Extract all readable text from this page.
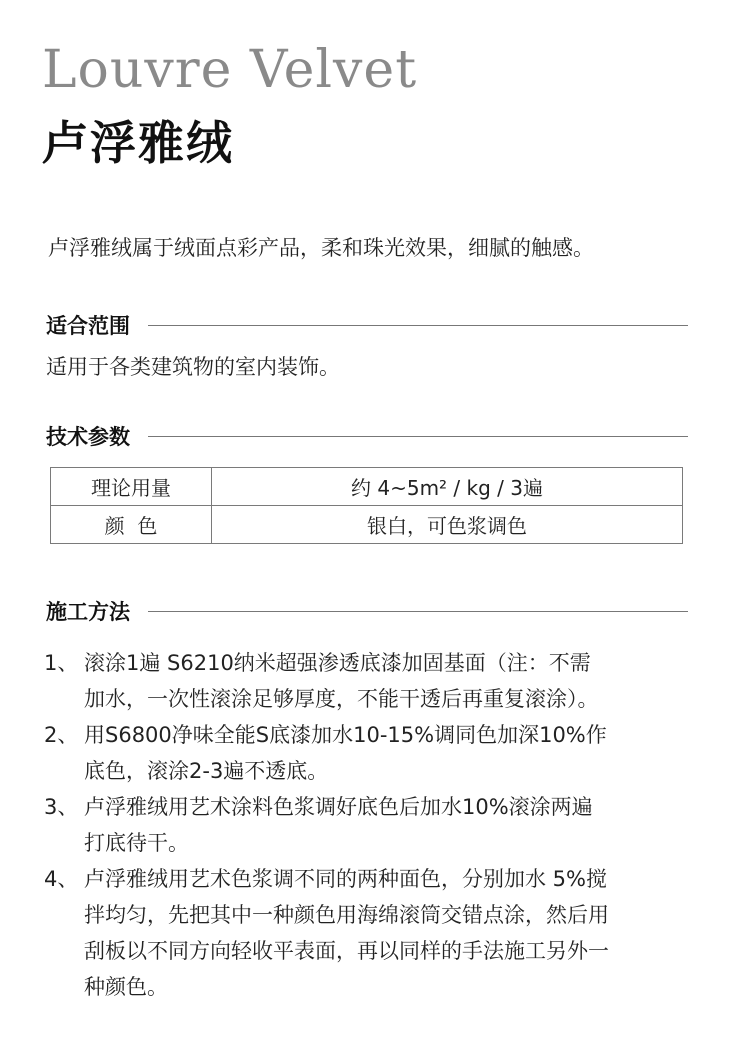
Louvre Velvet
卢浮雅绒
卢浮雅绒属于绒面点彩产品，柔和珠光效果，细腻的触感。
适合范围
适用于各类建筑物的室内装饰。
技术参数
理论用量	约 4~5m² / kg / 3遍
颜  色	银白，可色浆调色
施工方法
1、 滚涂1遍 S6210纳米超强渗透底漆加固基面（注：不需
加水，一次性滚涂足够厚度，不能干透后再重复滚涂）。
2、 用S6800净味全能S底漆加水10-15%调同色加深10%作
底色，滚涂2-3遍不透底。
3、 卢浮雅绒用艺术涂料色浆调好底色后加水10%滚涂两遍
打底待干。
4、 卢浮雅绒用艺术色浆调不同的两种面色，分别加水 5%搅
拌均匀，先把其中一种颜色用海绵滚筒交错点涂，然后用
刮板以不同方向轻收平表面，再以同样的手法施工另外一
种颜色。
